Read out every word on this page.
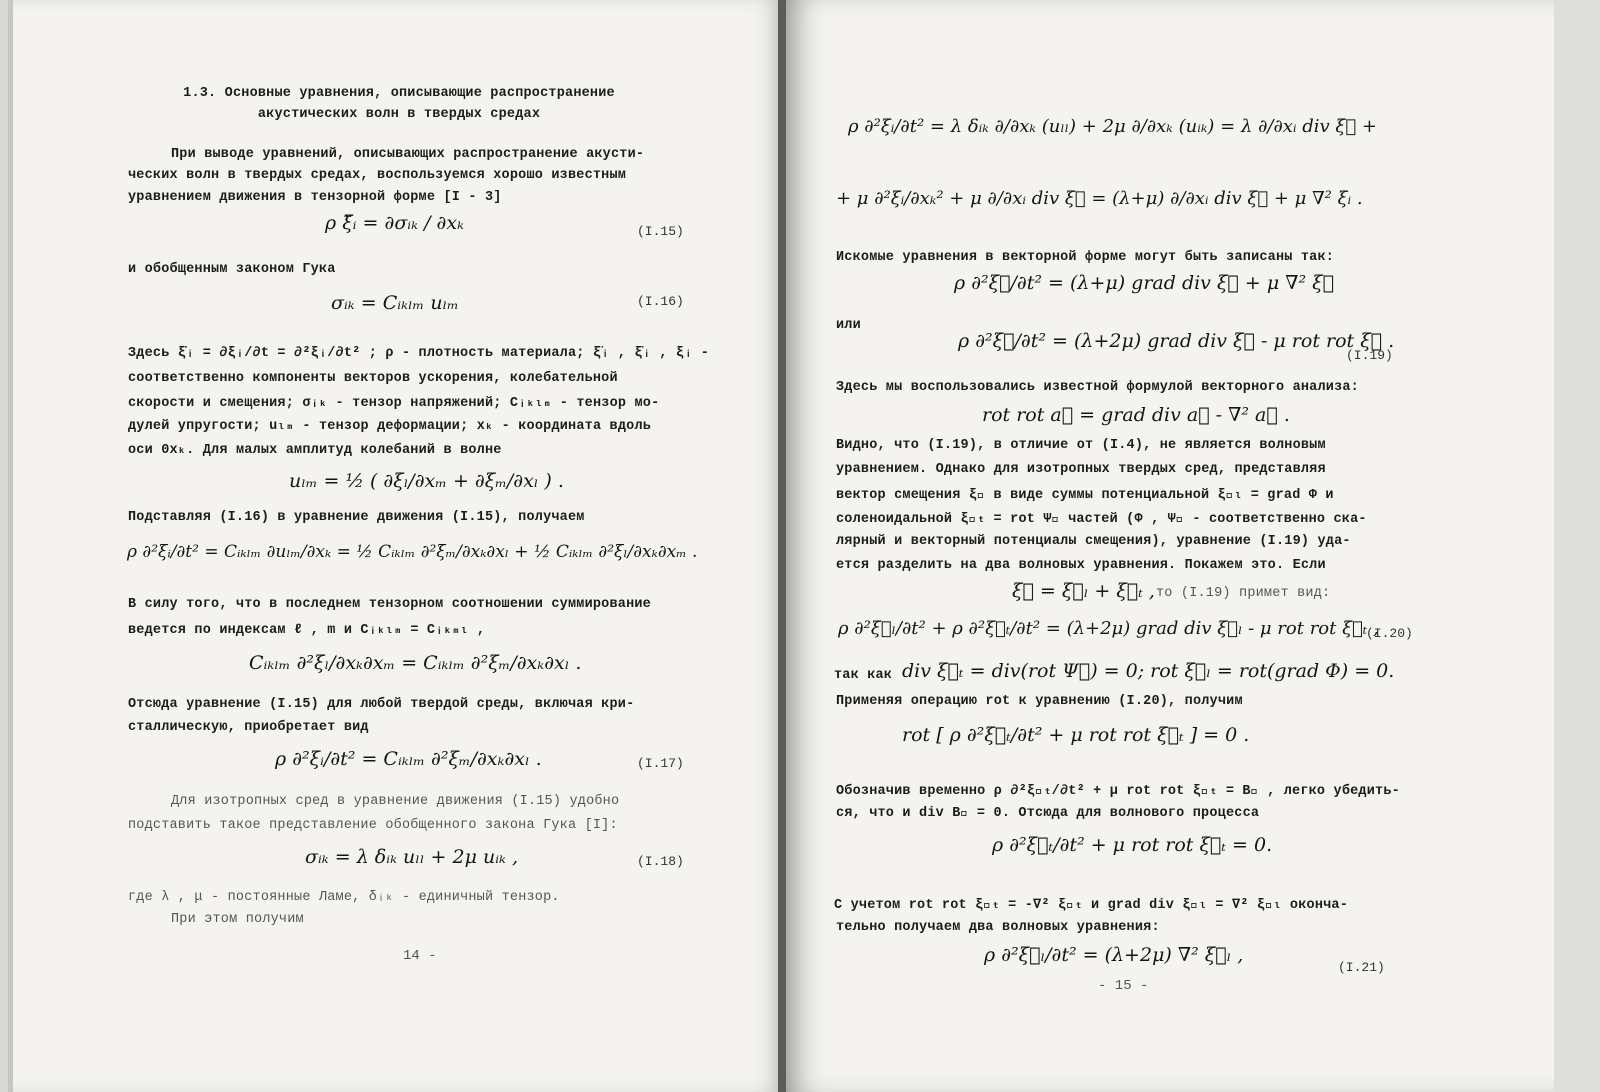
1.3. Основные уравнения, описывающие распространение
акустических волн в твердых средах
При выводе уравнений, описывающих распространение акусти-
ческих волн в твердых средах, воспользуемся хорошо известным
уравнением движения в тензорной форме [I - 3]
ρ ξ̈ᵢ = ∂σᵢₖ / ∂xₖ	(I.15)
и обобщенным законом Гука
σᵢₖ = Cᵢₖₗₘ uₗₘ	(I.16)
Здесь ξ̇ᵢ = ∂ξᵢ/∂t = ∂²ξᵢ/∂t² ; ρ - плотность материала; ξ̈ᵢ , ξ̇ᵢ , ξᵢ -
соответственно компоненты векторов ускорения, колебательной
скорости и смещения; σᵢₖ - тензор напряжений; Cᵢₖₗₘ - тензор мо-
дулей упругости; uₗₘ - тензор деформации; xₖ - координата вдоль
оси 0xₖ. Для малых амплитуд колебаний в волне
uₗₘ = ½ ( ∂ξₗ/∂xₘ + ∂ξₘ/∂xₗ ) .
Подставляя (I.16) в уравнение движения (I.15), получаем
ρ ∂²ξᵢ/∂t² = Cᵢₖₗₘ ∂uₗₘ/∂xₖ = ½ Cᵢₖₗₘ ∂²ξₘ/∂xₖ∂xₗ + ½ Cᵢₖₗₘ ∂²ξₗ/∂xₖ∂xₘ .
В силу того, что в последнем тензорном соотношении суммирование
ведется по индексам ℓ , m и Cᵢₖₗₘ = Cᵢₖₘₗ ,
Cᵢₖₗₘ ∂²ξₗ/∂xₖ∂xₘ = Cᵢₖₗₘ ∂²ξₘ/∂xₖ∂xₗ .
Отсюда уравнение (I.15) для любой твердой среды, включая кри-
сталлическую, приобретает вид
ρ ∂²ξᵢ/∂t² = Cᵢₖₗₘ ∂²ξₘ/∂xₖ∂xₗ .	(I.17)
Для изотропных сред в уравнение движения (I.15) удобно
подставить такое представление обобщенного закона Гука [I]:
σᵢₖ = λ δᵢₖ uₗₗ + 2μ uᵢₖ ,	(I.18)
где λ , μ - постоянные Ламе, δᵢₖ - единичный тензор.
При этом получим
14 -
ρ ∂²ξᵢ/∂t² = λ δᵢₖ ∂/∂xₖ (uₗₗ) + 2μ ∂/∂xₖ (uᵢₖ) = λ ∂/∂xᵢ div ξ⃗ +
+ μ ∂²ξᵢ/∂xₖ² + μ ∂/∂xᵢ div ξ⃗ = (λ+μ) ∂/∂xᵢ div ξ⃗ + μ ∇² ξᵢ .
Искомые уравнения в векторной форме могут быть записаны так:
ρ ∂²ξ⃗/∂t² = (λ+μ) grad div ξ⃗ + μ ∇² ξ⃗
или
ρ ∂²ξ⃗/∂t² = (λ+2μ) grad div ξ⃗ - μ rot rot ξ⃗ .
(I.19)
Здесь мы воспользовались известной формулой векторного анализа:
rot rot a⃗ = grad div a⃗ - ∇² a⃗ .
Видно, что (I.19), в отличие от (I.4), не является волновым
уравнением. Однако для изотропных твердых сред, представляя
вектор смещения ξ⃗ в виде суммы потенциальной ξ⃗ₗ = grad Φ и
соленоидальной ξ⃗ₜ = rot Ψ⃗ частей (Φ , Ψ⃗ - соответственно ска-
лярный и векторный потенциалы смещения), уравнение (I.19) уда-
ется разделить на два волновых уравнения. Покажем это. Если
ξ⃗ = ξ⃗ₗ + ξ⃗ₜ , то (I.19) примет вид:
ρ ∂²ξ⃗ₗ/∂t² + ρ ∂²ξ⃗ₜ/∂t² = (λ+2μ) grad div ξ⃗ₗ - μ rot rot ξ⃗ₜ ,
(I.20)
так как div ξ⃗ₜ = div(rot Ψ⃗) = 0; rot ξ⃗ₗ = rot(grad Φ) = 0.
Применяя операцию rot к уравнению (I.20), получим
rot [ ρ ∂²ξ⃗ₜ/∂t² + μ rot rot ξ⃗ₜ ] = 0 .
Обозначив временно ρ ∂²ξ⃗ₜ/∂t² + μ rot rot ξ⃗ₜ = B⃗ , легко убедить-
ся, что и div B⃗ = 0. Отсюда для волнового процесса
ρ ∂²ξ⃗ₜ/∂t² + μ rot rot ξ⃗ₜ = 0.
С учетом rot rot ξ⃗ₜ = -∇² ξ⃗ₜ и grad div ξ⃗ₗ = ∇² ξ⃗ₗ оконча-
тельно получаем два волновых уравнения:
ρ ∂²ξ⃗ₗ/∂t² = (λ+2μ) ∇² ξ⃗ₗ ,
(I.21)
- 15 -
